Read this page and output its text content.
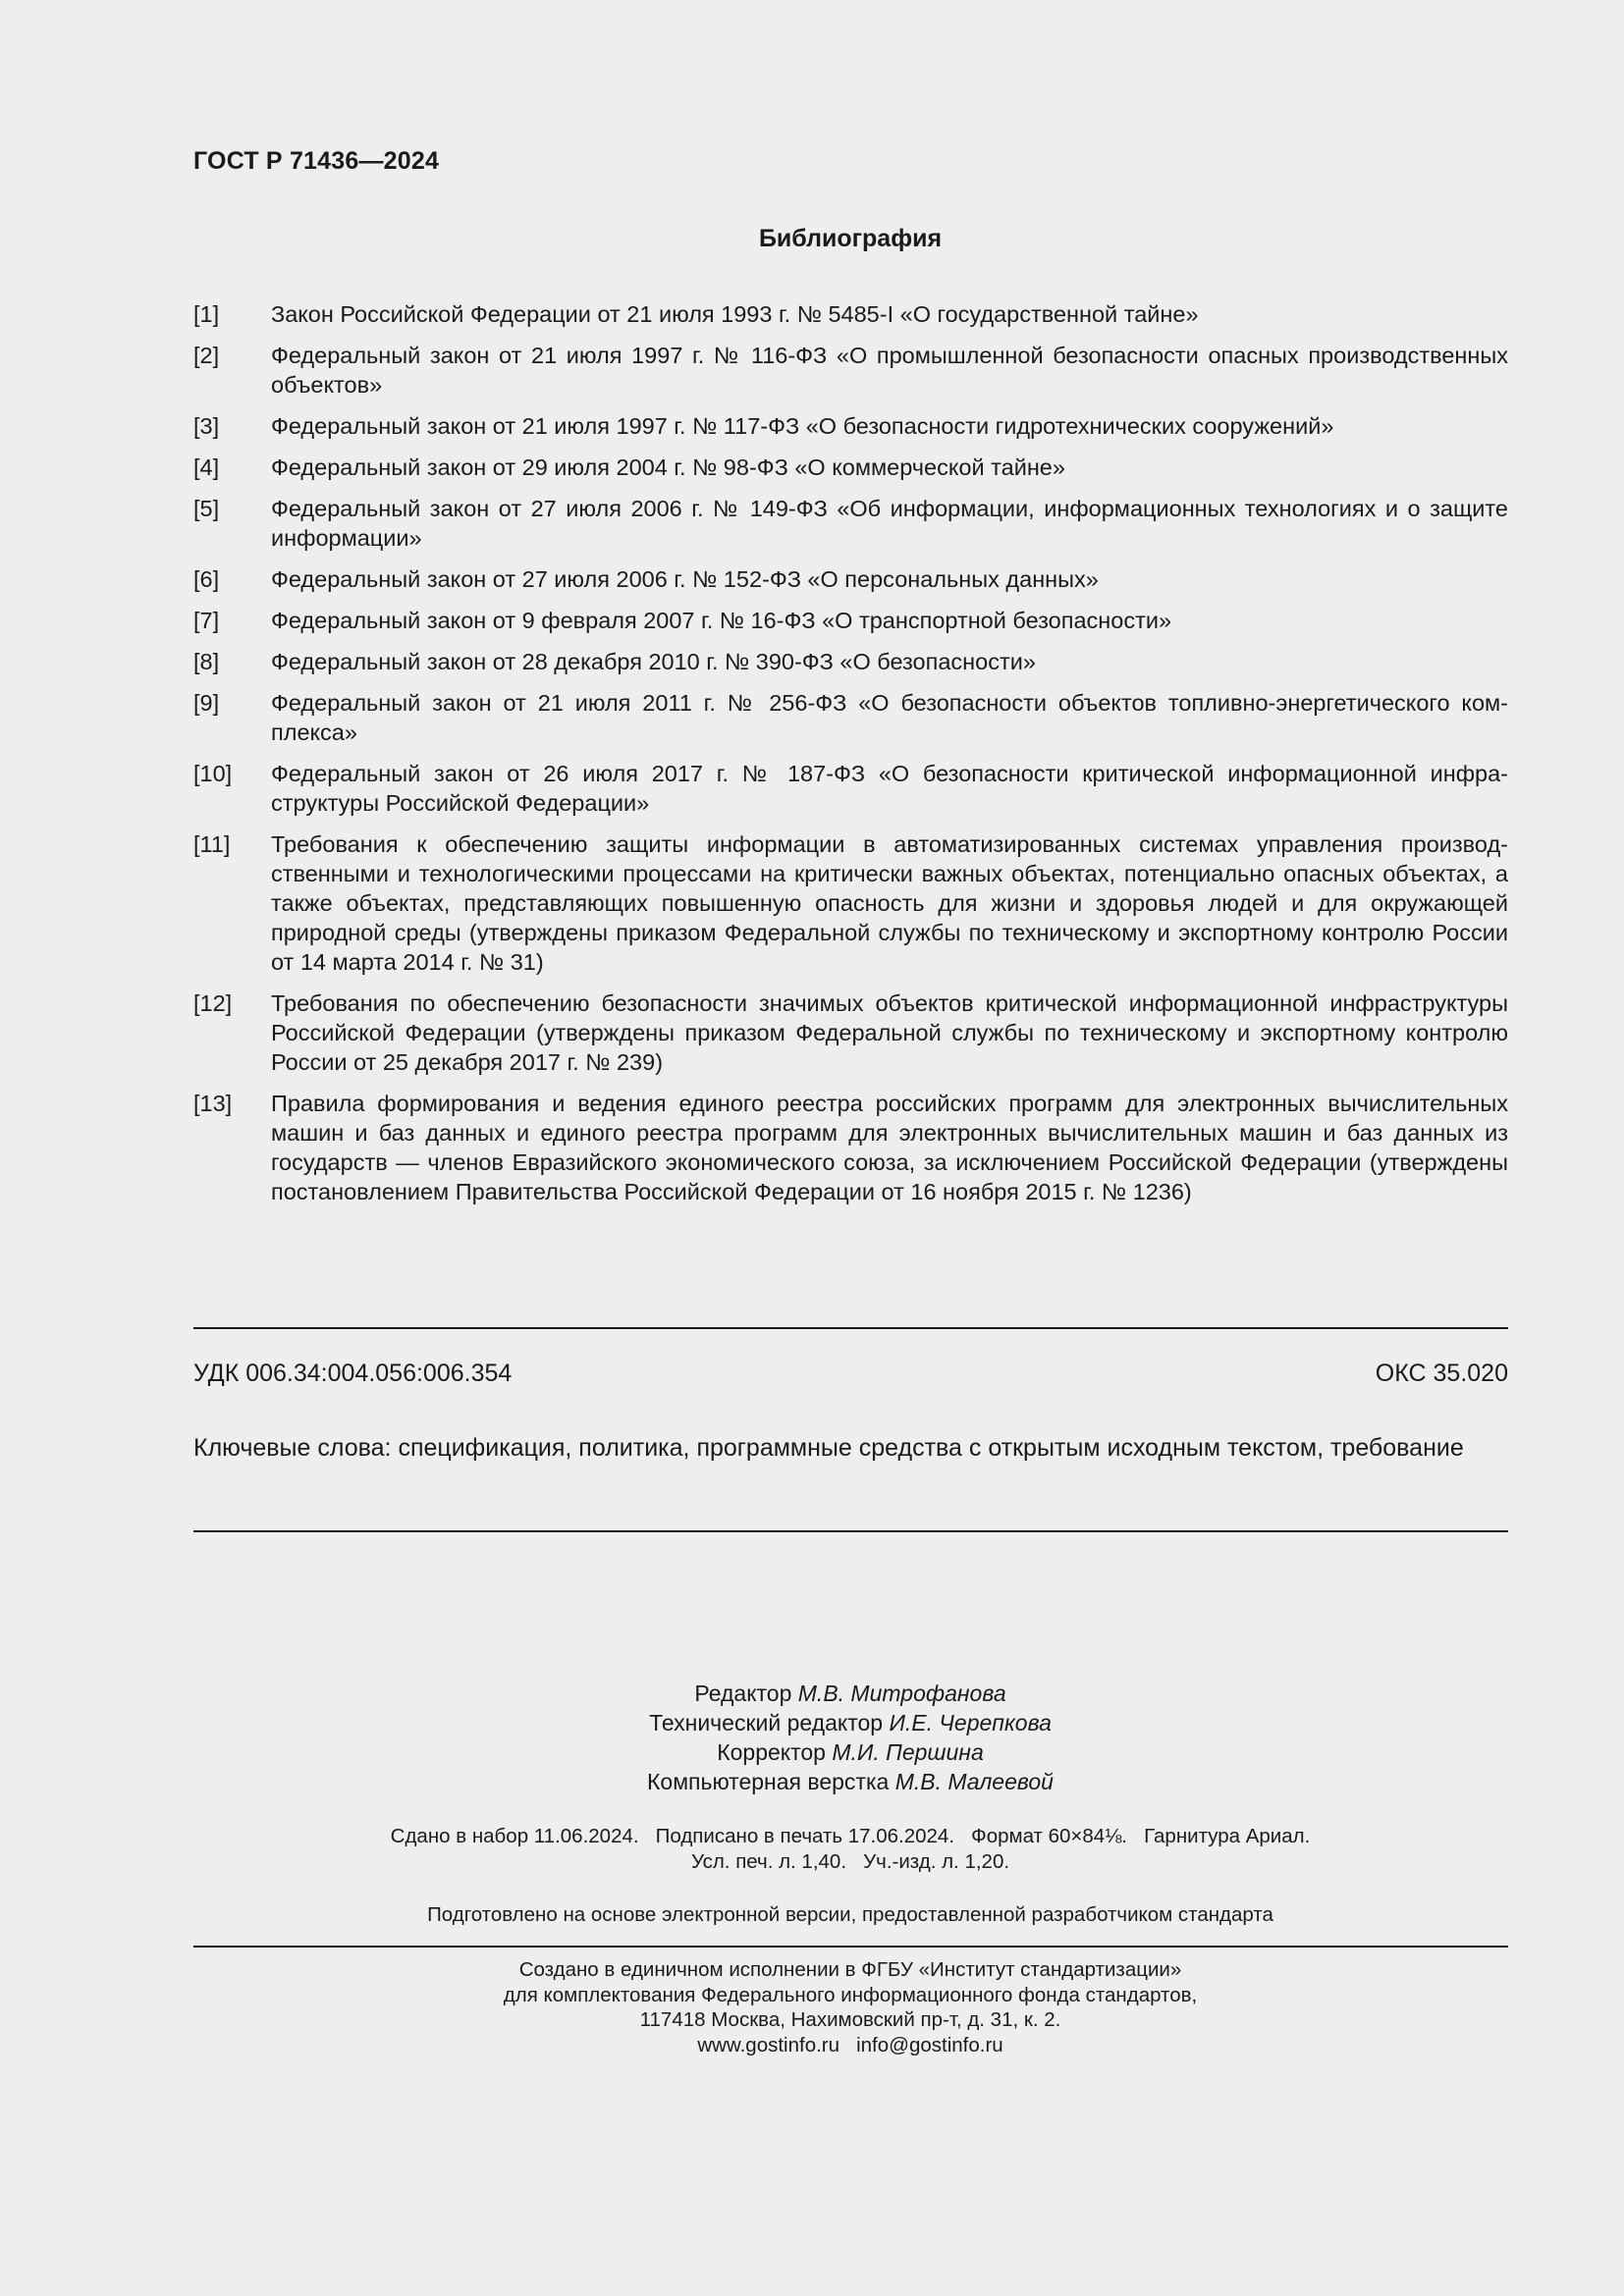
ГОСТ Р 71436—2024
Библиография
[1]	Закон Российской Федерации от 21 июля 1993 г. № 5485-I «О государственной тайне»
[2]	Федеральный закон от 21 июля 1997 г. № 116-ФЗ «О промышленной безопасности опасных производственных объектов»
[3]	Федеральный закон от 21 июля 1997 г. № 117-ФЗ «О безопасности гидротехнических сооружений»
[4]	Федеральный закон от 29 июля 2004 г. № 98-ФЗ «О коммерческой тайне»
[5]	Федеральный закон от 27 июля 2006 г. № 149-ФЗ «Об информации, информационных технологиях и о защите информации»
[6]	Федеральный закон от 27 июля 2006 г. № 152-ФЗ «О персональных данных»
[7]	Федеральный закон от 9 февраля 2007 г. № 16-ФЗ «О транспортной безопасности»
[8]	Федеральный закон от 28 декабря 2010 г. № 390-ФЗ «О безопасности»
[9]	Федеральный закон от 21 июля 2011 г. № 256-ФЗ «О безопасности объектов топливно-энергетического комплекса»
[10]	Федеральный закон от 26 июля 2017 г. № 187-ФЗ «О безопасности критической информационной инфраструктуры Российской Федерации»
[11]	Требования к обеспечению защиты информации в автоматизированных системах управления производственными и технологическими процессами на критически важных объектах, потенциально опасных объектах, а также объектах, представляющих повышенную опасность для жизни и здоровья людей и для окружающей природной среды (утверждены приказом Федеральной службы по техническому и экспортному контролю России от 14 марта 2014 г. № 31)
[12]	Требования по обеспечению безопасности значимых объектов критической информационной инфраструктуры Российской Федерации (утверждены приказом Федеральной службы по техническому и экспортному контролю России от 25 декабря 2017 г. № 239)
[13]	Правила формирования и ведения единого реестра российских программ для электронных вычислительных машин и баз данных и единого реестра программ для электронных вычислительных машин и баз данных из государств — членов Евразийского экономического союза, за исключением Российской Федерации (утверждены постановлением Правительства Российской Федерации от 16 ноября 2015 г. № 1236)
УДК 006.34:004.056:006.354	ОКС 35.020
Ключевые слова: спецификация, политика, программные средства с открытым исходным текстом, требование
Редактор М.В. Митрофанова
Технический редактор И.Е. Черепкова
Корректор М.И. Першина
Компьютерная верстка М.В. Малеевой
Сдано в набор 11.06.2024.   Подписано в печать 17.06.2024.   Формат 60×84⅛.   Гарнитура Ариал.
Усл. печ. л. 1,40.   Уч.-изд. л. 1,20.
Подготовлено на основе электронной версии, предоставленной разработчиком стандарта
Создано в единичном исполнении в ФГБУ «Институт стандартизации»
для комплектования Федерального информационного фонда стандартов,
117418 Москва, Нахимовский пр-т, д. 31, к. 2.
www.gostinfo.ru   info@gostinfo.ru
